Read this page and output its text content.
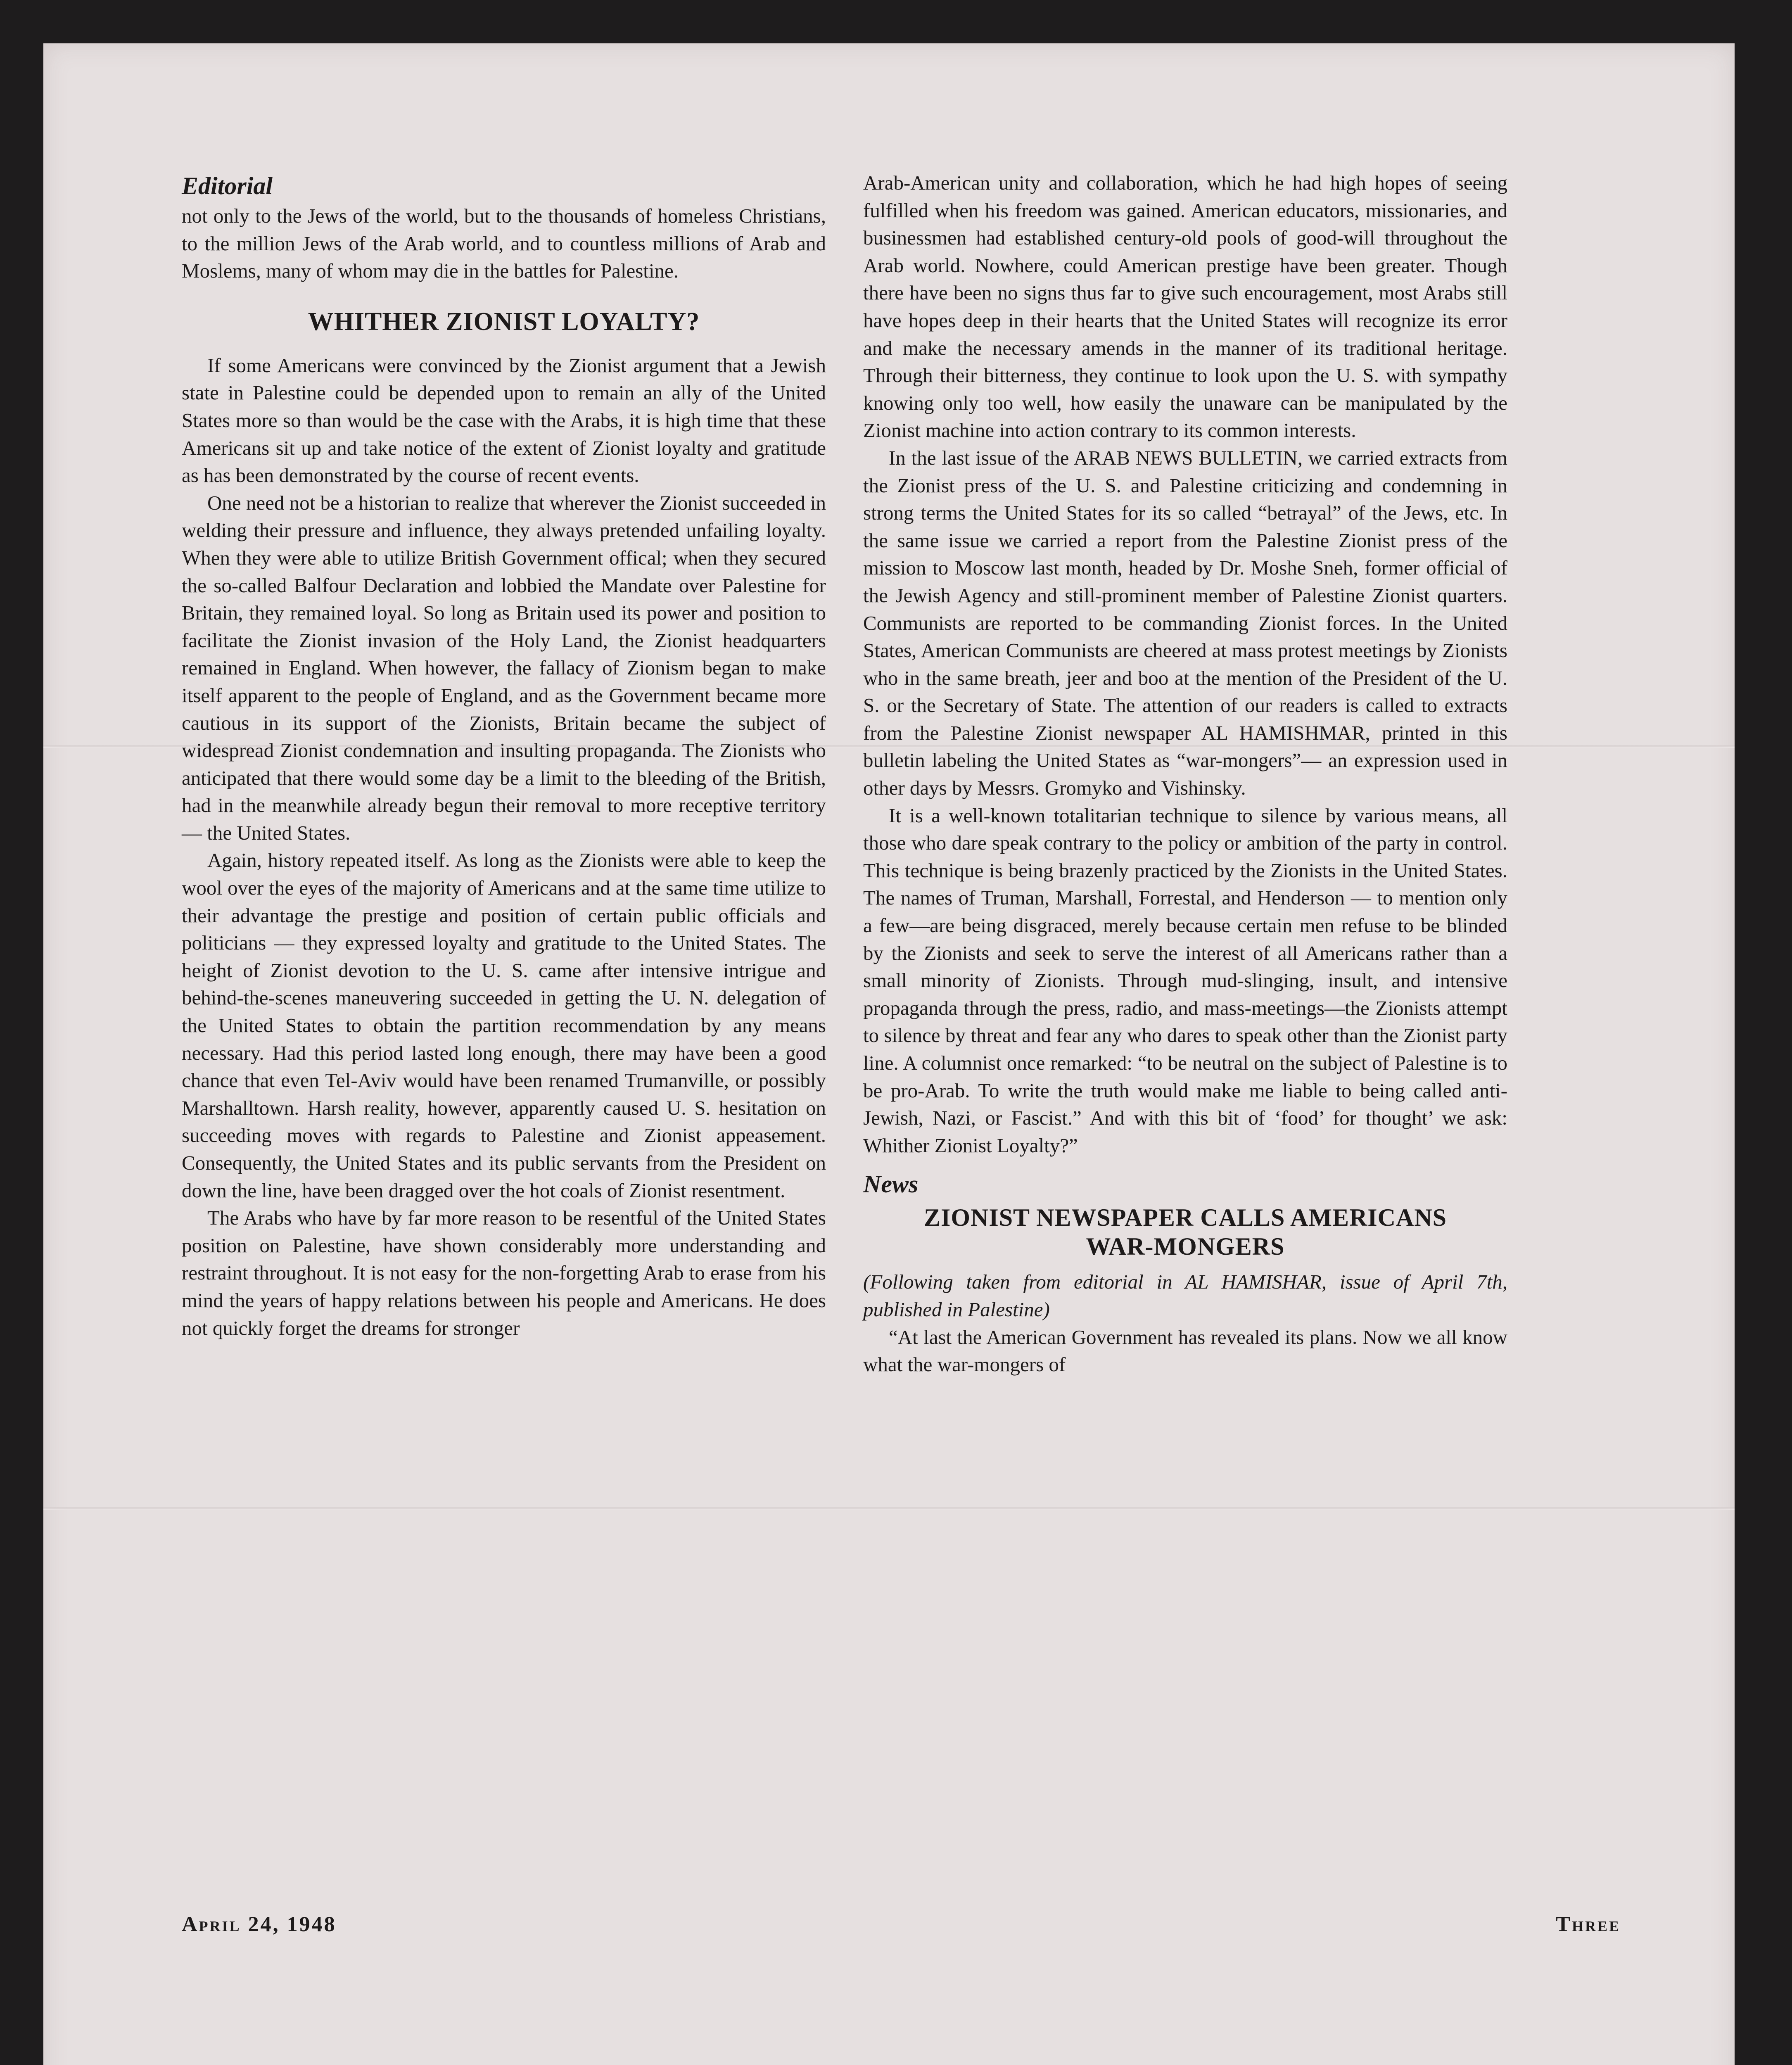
Editorial

not only to the Jews of the world, but to the thousands of homeless Christians, to the million Jews of the Arab world, and to countless millions of Arab and Moslems, many of whom may die in the battles for Palestine.

WHITHER ZIONIST LOYALTY?

If some Americans were convinced by the Zionist argument that a Jewish state in Palestine could be depended upon to remain an ally of the United States more so than would be the case with the Arabs, it is high time that these Americans sit up and take notice of the extent of Zionist loyalty and gratitude as has been demonstrated by the course of recent events.

One need not be a historian to realize that wherever the Zionist succeeded in welding their pressure and influence, they always pretended unfailing loyalty. When they were able to utilize British Government offical; when they secured the so-called Balfour Declaration and lobbied the Mandate over Palestine for Britain, they remained loyal. So long as Britain used its power and position to facilitate the Zionist invasion of the Holy Land, the Zionist headquarters remained in England. When however, the fallacy of Zionism began to make itself apparent to the people of England, and as the Government became more cautious in its support of the Zionists, Britain became the subject of widespread Zionist condemnation and insulting propaganda. The Zionists who anticipated that there would some day be a limit to the bleeding of the British, had in the meanwhile already begun their removal to more receptive territory — the United States.

Again, history repeated itself. As long as the Zionists were able to keep the wool over the eyes of the majority of Americans and at the same time utilize to their advantage the prestige and position of certain public officials and politicians — they expressed loyalty and gratitude to the United States. The height of Zionist devotion to the U. S. came after intensive intrigue and behind-the-scenes maneuvering succeeded in getting the U. N. delegation of the United States to obtain the partition recommendation by any means necessary. Had this period lasted long enough, there may have been a good chance that even Tel-Aviv would have been renamed Trumanville, or possibly Marshalltown. Harsh reality, however, apparently caused U. S. hesitation on succeeding moves with regards to Palestine and Zionist appeasement. Consequently, the United States and its public servants from the President on down the line, have been dragged over the hot coals of Zionist resentment.

The Arabs who have by far more reason to be resentful of the United States position on Palestine, have shown considerably more understanding and restraint throughout. It is not easy for the non-forgetting Arab to erase from his mind the years of happy relations between his people and Americans. He does not quickly forget the dreams for stronger

Arab-American unity and collaboration, which he had high hopes of seeing fulfilled when his freedom was gained. American educators, missionaries, and businessmen had established century-old pools of good-will throughout the Arab world. Nowhere, could American prestige have been greater. Though there have been no signs thus far to give such encouragement, most Arabs still have hopes deep in their hearts that the United States will recognize its error and make the necessary amends in the manner of its traditional heritage. Through their bitterness, they continue to look upon the U. S. with sympathy knowing only too well, how easily the unaware can be manipulated by the Zionist machine into action contrary to its common interests.

In the last issue of the ARAB NEWS BULLETIN, we carried extracts from the Zionist press of the U. S. and Palestine criticizing and condemning in strong terms the United States for its so called “betrayal” of the Jews, etc. In the same issue we carried a report from the Palestine Zionist press of the mission to Moscow last month, headed by Dr. Moshe Sneh, former official of the Jewish Agency and still-prominent member of Palestine Zionist quarters. Communists are reported to be commanding Zionist forces. In the United States, American Communists are cheered at mass protest meetings by Zionists who in the same breath, jeer and boo at the mention of the President of the U. S. or the Secretary of State. The attention of our readers is called to extracts from the Palestine Zionist newspaper AL HAMISHMAR, printed in this bulletin labeling the United States as “war-mongers”— an expression used in other days by Messrs. Gromyko and Vishinsky.

It is a well-known totalitarian technique to silence by various means, all those who dare speak contrary to the policy or ambition of the party in control. This technique is being brazenly practiced by the Zionists in the United States. The names of Truman, Marshall, Forrestal, and Henderson — to mention only a few—are being disgraced, merely because certain men refuse to be blinded by the Zionists and seek to serve the interest of all Americans rather than a small minority of Zionists. Through mud-slinging, insult, and intensive propaganda through the press, radio, and mass-meetings—the Zionists attempt to silence by threat and fear any who dares to speak other than the Zionist party line. A columnist once remarked: “to be neutral on the subject of Palestine is to be pro-Arab. To write the truth would make me liable to being called anti-Jewish, Nazi, or Fascist.” And with this bit of ‘food’ for thought’ we ask: Whither Zionist Loyalty?”

News

ZIONIST NEWSPAPER CALLS AMERICANS
WAR-MONGERS

(Following taken from editorial in AL HAMISHAR, issue of April 7th, published in Palestine)

“At last the American Government has revealed its plans. Now we all know what the war-mongers of

April 24, 1948	Three
